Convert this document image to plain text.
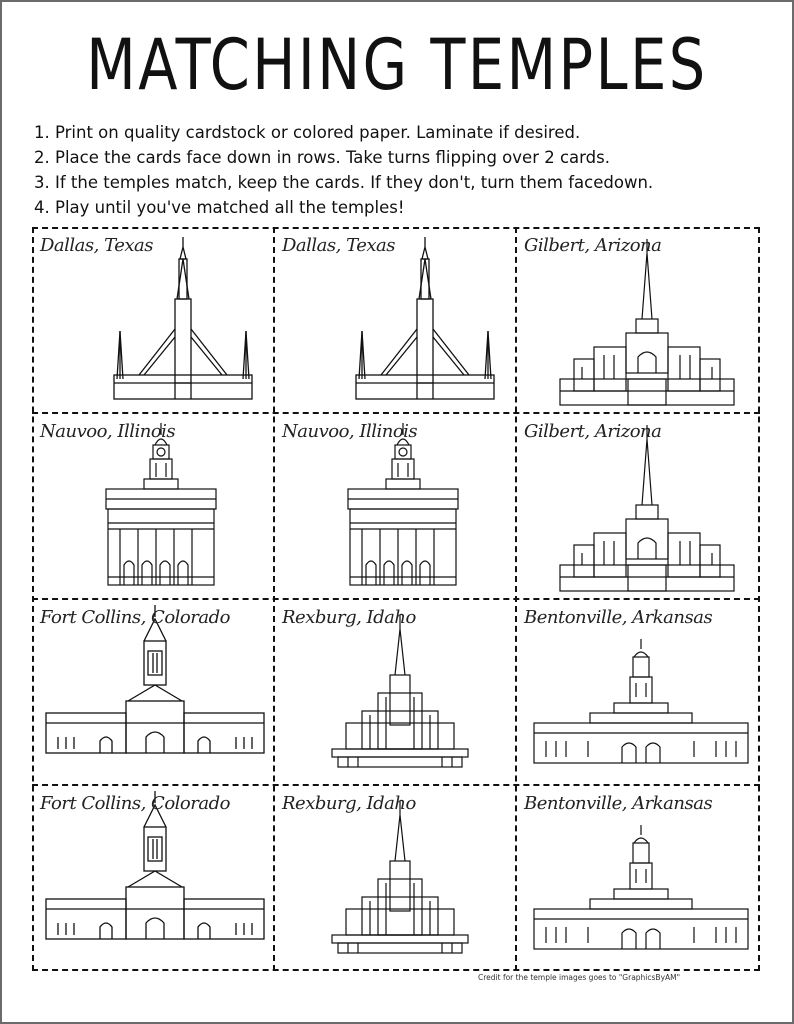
MATCHING TEMPLES
1. Print on quality cardstock or colored paper. Laminate if desired.
2. Place the cards face down in rows. Take turns flipping over 2 cards.
3. If the temples match, keep the cards. If they don't, turn them facedown.
4. Play until you've matched all the temples!
Dallas, Texas	Dallas, Texas	Gilbert, Arizona
Nauvoo, Illinois	Nauvoo, Illinois	Gilbert, Arizona
Fort Collins, Colorado	Rexburg, Idaho	Bentonville, Arkansas
Fort Collins, Colorado	Rexburg, Idaho	Bentonville, Arkansas
Credit for the temple images goes to "GraphicsByAM"
